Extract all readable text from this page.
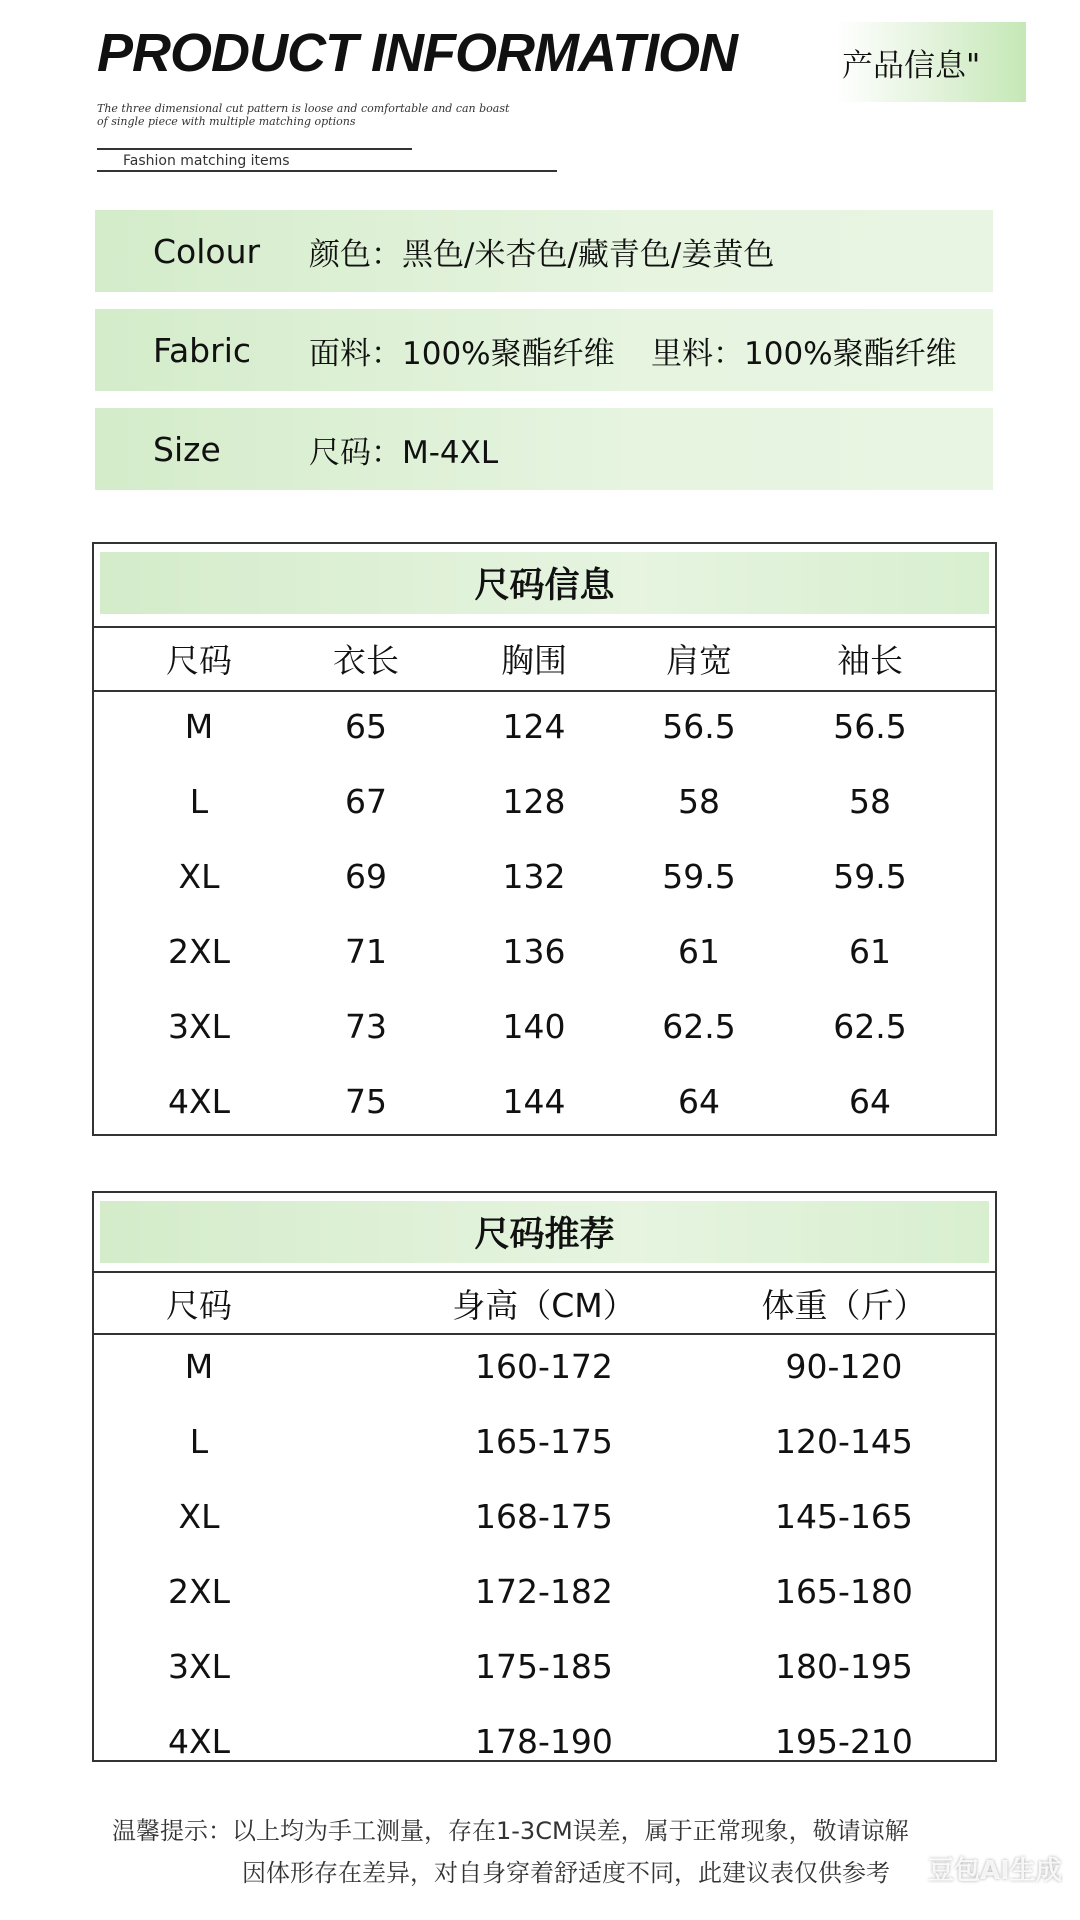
PRODUCT INFORMATION	产品信息"
The three dimensional cut pattern is loose and comfortable and can boast of single piece with multiple matching options
Fashion matching items
Colour 颜色：黑色/米杏色/藏青色/姜黄色
Fabric 面料：100%聚酯纤维 里料：100%聚酯纤维
Size	尺码：M-4XL
尺码信息
尺码	衣长	胸围	肩宽	袖长
M	65	124	56.5	56.5
L	67	128	58	58
XL	69	132	59.5	59.5
2XL	71	136	61	61
3XL	73	140	62.5	62.5
4XL	75	144	64	64
尺码推荐
尺码	身高（CM）	体重（斤）
M	160-172	90-120
L	165-175	120-145
XL	168-175	145-165
2XL	172-182	165-180
3XL	175-185	180-195
4XL	178-190	195-210
温馨提示：以上均为手工测量，存在1-3CM误差，属于正常现象，敬请谅解
因体形存在差异，对自身穿着舒适度不同，此建议表仅供参考	豆包AI生成
